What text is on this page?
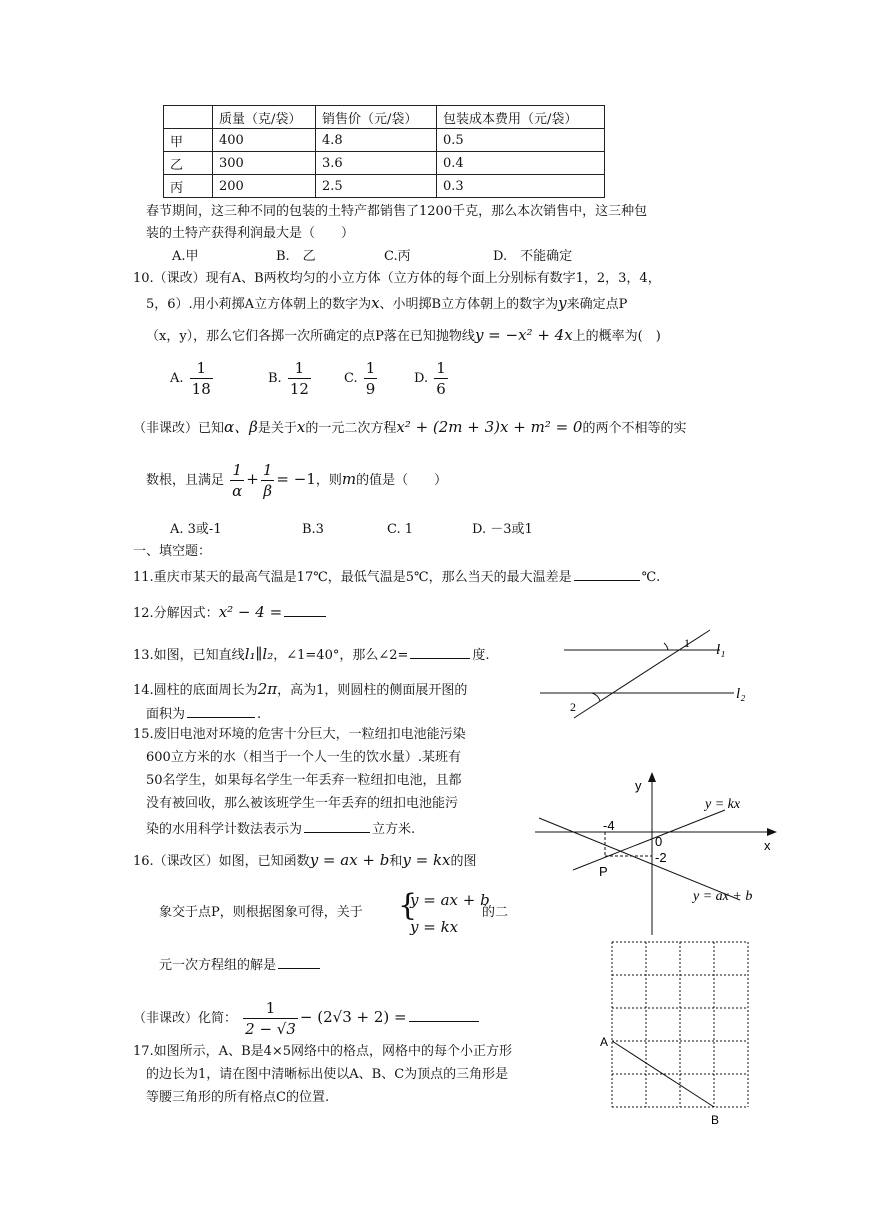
	质量（克/袋）	销售价（元/袋）	包装成本费用（元/袋）
甲	400	4.8	0.5
乙	300	3.6	0.4
丙	200	2.5	0.3
春节期间，这三种不同的包装的土特产都销售了1200千克，那么本次销售中，这三种包
装的土特产获得利润最大是（　　）
A.甲	B.　乙	C.丙	D.　不能确定
10.（课改）现有A、B两枚均匀的小立方体（立方体的每个面上分别标有数字1，2，3，4，
5，6）.用小莉掷A立方体朝上的数字为x、小明掷B立方体朝上的数字为y来确定点P
（x，y），那么它们各掷一次所确定的点P落在已知抛物线y = −x² + 4x上的概率为(　)
A. $\frac{1}{18}$	B. $\frac{1}{12}$	C. $\frac{1}{9}$	D. $\frac{1}{6}$
（非课改）已知α、β是关于x的一元二次方程x² + (2m + 3)x + m² = 0的两个不相等的实
数根，且满足 $\frac{1}{\alpha} + \frac{1}{\beta} = -1$，则m的值是（　　）
A. 3或-1	B.3	C. 1	D. －3或1
一、填空题：
11.重庆市某天的最高气温是17℃，最低气温是5℃，那么当天的最大温差是	℃.
12.分解因式：x² − 4 =
13.如图，已知直线l₁∥l₂，∠1=40°，那么∠2=	度.
14.圆柱的底面周长为2π，高为1，则圆柱的侧面展开图的
面积为	.
15.废旧电池对环境的危害十分巨大，一粒纽扣电池能污染
600立方米的水（相当于一个人一生的饮水量）.某班有
50名学生，如果每名学生一年丢弃一粒纽扣电池，且都
没有被回收，那么被该班学生一年丢弃的纽扣电池能污
染的水用科学计数法表示为	立方米.
16.（课改区）如图，已知函数y = ax + b和y = kx的图
象交于点P，则根据图象可得，关于 {
y = ax + b
y = kx
的二
元一次方程组的解是
（非课改）化简： $\frac{1}{2 - √3} - (2√3 + 2)$ =
17.如图所示，A、B是4×5网络中的格点，网格中的每个小正方形
的边长为1，请在图中清晰标出使以A、B、C为顶点的三角形是
等腰三角形的所有格点C的位置.
1
2
l₁
l₂
y
x
0
-4
-2
P
y = kx
y = ax + b
A
B
